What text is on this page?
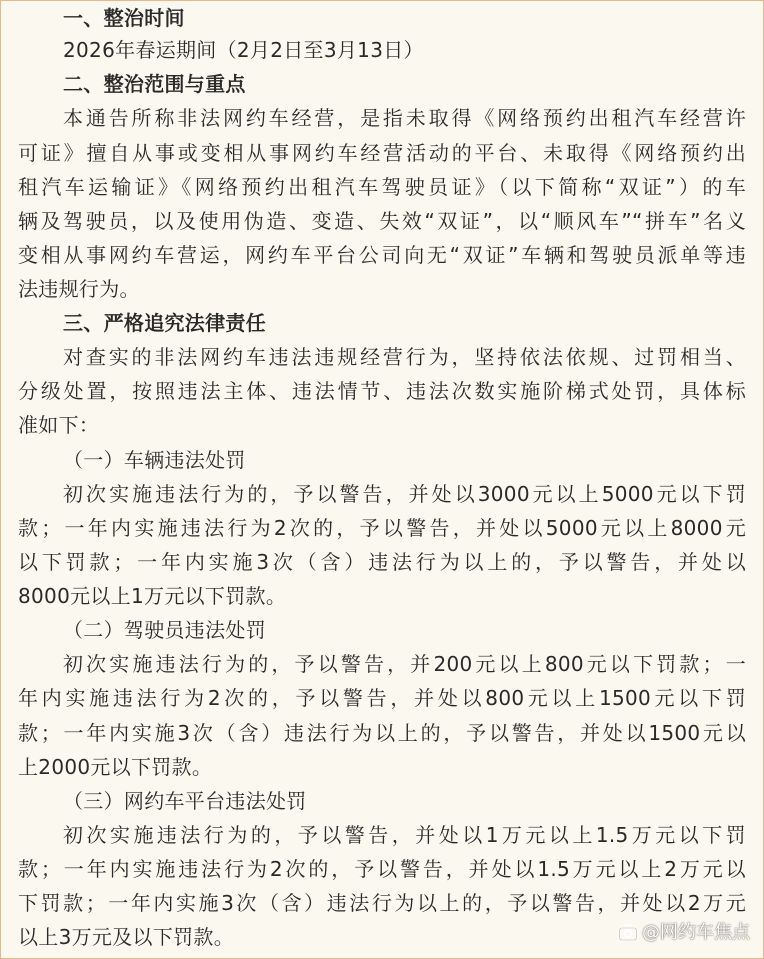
一、整治时间
2026年春运期间（2月2日至3月13日）
二、整治范围与重点
本通告所称非法网约车经营，是指未取得《网络预约出租汽车经营许
可证》擅自从事或变相从事网约车经营活动的平台、未取得《网络预约出
租汽车运输证》《网络预约出租汽车驾驶员证》（以下简称“双证”）的车
辆及驾驶员，以及使用伪造、变造、失效“双证”，以“顺风车”“拼车”名义
变相从事网约车营运，网约车平台公司向无“双证”车辆和驾驶员派单等违
法违规行为。
三、严格追究法律责任
对查实的非法网约车违法违规经营行为，坚持依法依规、过罚相当、
分级处置，按照违法主体、违法情节、违法次数实施阶梯式处罚，具体标
准如下：
（一）车辆违法处罚
初次实施违法行为的，予以警告，并处以3000元以上5000元以下罚
款；一年内实施违法行为2次的，予以警告，并处以5000元以上8000元
以下罚款；一年内实施3次（含）违法行为以上的，予以警告，并处以
8000元以上1万元以下罚款。
（二）驾驶员违法处罚
初次实施违法行为的，予以警告，并200元以上800元以下罚款；一
年内实施违法行为2次的，予以警告，并处以800元以上1500元以下罚
款；一年内实施3次（含）违法行为以上的，予以警告，并处以1500元以
上2000元以下罚款。
（三）网约车平台违法处罚
初次实施违法行为的，予以警告，并处以1万元以上1.5万元以下罚
款；一年内实施违法行为2次的，予以警告，并处以1.5万元以上2万元以
下罚款；一年内实施3次（含）违法行为以上的，予以警告，并处以2万元
以上3万元及以下罚款。	@网约车焦点
